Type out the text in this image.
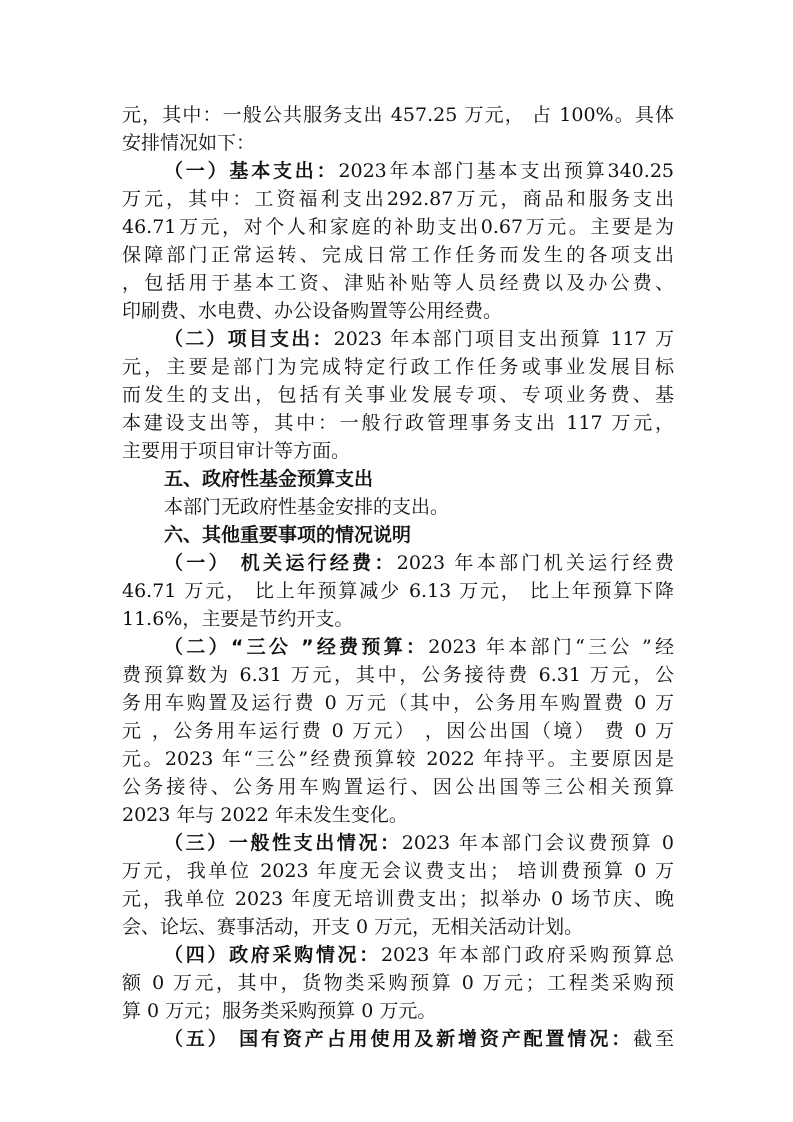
元，其中：一般公共服务支出 457.25 万元， 占 100%。具体
安排情况如下：
（一）基本支出：2023年本部门基本支出预算340.25
万元，其中：工资福利支出292.87万元，商品和服务支出
46.71万元，对个人和家庭的补助支出0.67万元。主要是为
保障部门正常运转、完成日常工作任务而发生的各项支出
，包括用于基本工资、津贴补贴等人员经费以及办公费、
印刷费、水电费、办公设备购置等公用经费。
（二）项目支出：2023 年本部门项目支出预算 117 万
元，主要是部门为完成特定行政工作任务或事业发展目标
而发生的支出，包括有关事业发展专项、专项业务费、基
本建设支出等，其中：一般行政管理事务支出 117 万元，
主要用于项目审计等方面。
五、政府性基金预算支出
本部门无政府性基金安排的支出。
六、其他重要事项的情况说明
（一） 机关运行经费：2023 年本部门机关运行经费
46.71 万元， 比上年预算减少 6.13 万元， 比上年预算下降
11.6%，主要是节约开支。
（二）“三公 ”经费预算：2023 年本部门“三公 ”经
费预算数为 6.31 万元，其中，公务接待费 6.31 万元，公
务用车购置及运行费 0 万元（其中，公务用车购置费 0 万
元 ，公务用车运行费 0 万元） ，因公出国（境） 费 0 万
元。2023 年“三公”经费预算较 2022 年持平。主要原因是
公务接待、公务用车购置运行、因公出国等三公相关预算
2023 年与 2022 年未发生变化。
（三）一般性支出情况：2023 年本部门会议费预算 0
万元，我单位 2023 年度无会议费支出； 培训费预算 0 万
元，我单位 2023 年度无培训费支出；拟举办 0 场节庆、晚
会、论坛、赛事活动，开支 0 万元，无相关活动计划。
（四）政府采购情况：2023 年本部门政府采购预算总
额 0 万元，其中，货物类采购预算 0 万元；工程类采购预
算 0 万元；服务类采购预算 0 万元。
（五） 国有资产占用使用及新增资产配置情况：截至
